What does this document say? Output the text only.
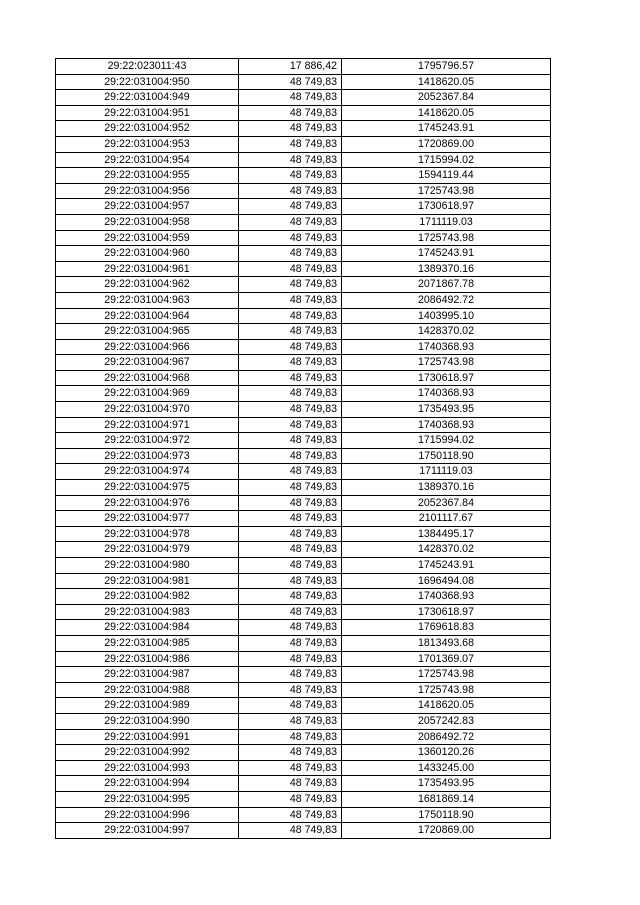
29:22:023011:43	17 886,42	1795796.57
29:22:031004:950	48 749,83	1418620.05
29:22:031004:949	48 749,83	2052367.84
29:22:031004:951	48 749,83	1418620.05
29:22:031004:952	48 749,83	1745243.91
29:22:031004:953	48 749,83	1720869.00
29:22:031004:954	48 749,83	1715994.02
29:22:031004:955	48 749,83	1594119.44
29:22:031004:956	48 749,83	1725743.98
29:22:031004:957	48 749,83	1730618.97
29:22:031004:958	48 749,83	1711119.03
29:22:031004:959	48 749,83	1725743.98
29:22:031004:960	48 749,83	1745243.91
29:22:031004:961	48 749,83	1389370.16
29:22:031004:962	48 749,83	2071867.78
29:22:031004:963	48 749,83	2086492.72
29:22:031004:964	48 749,83	1403995.10
29:22:031004:965	48 749,83	1428370.02
29:22:031004:966	48 749,83	1740368.93
29:22:031004:967	48 749,83	1725743.98
29:22:031004:968	48 749,83	1730618.97
29:22:031004:969	48 749,83	1740368.93
29:22:031004:970	48 749,83	1735493.95
29:22:031004:971	48 749,83	1740368.93
29:22:031004:972	48 749,83	1715994.02
29:22:031004:973	48 749,83	1750118.90
29:22:031004:974	48 749,83	1711119.03
29:22:031004:975	48 749,83	1389370.16
29:22:031004:976	48 749,83	2052367.84
29:22:031004:977	48 749,83	2101117.67
29:22:031004:978	48 749,83	1384495.17
29:22:031004:979	48 749,83	1428370.02
29:22:031004:980	48 749,83	1745243.91
29:22:031004:981	48 749,83	1696494.08
29:22:031004:982	48 749,83	1740368.93
29:22:031004:983	48 749,83	1730618.97
29:22:031004:984	48 749,83	1769618.83
29:22:031004:985	48 749,83	1813493.68
29:22:031004:986	48 749,83	1701369.07
29:22:031004:987	48 749,83	1725743.98
29:22:031004:988	48 749,83	1725743.98
29:22:031004:989	48 749,83	1418620.05
29:22:031004:990	48 749,83	2057242.83
29:22:031004:991	48 749,83	2086492.72
29:22:031004:992	48 749,83	1360120.26
29:22:031004:993	48 749,83	1433245.00
29:22:031004:994	48 749,83	1735493.95
29:22:031004:995	48 749,83	1681869.14
29:22:031004:996	48 749,83	1750118.90
29:22:031004:997	48 749,83	1720869.00
